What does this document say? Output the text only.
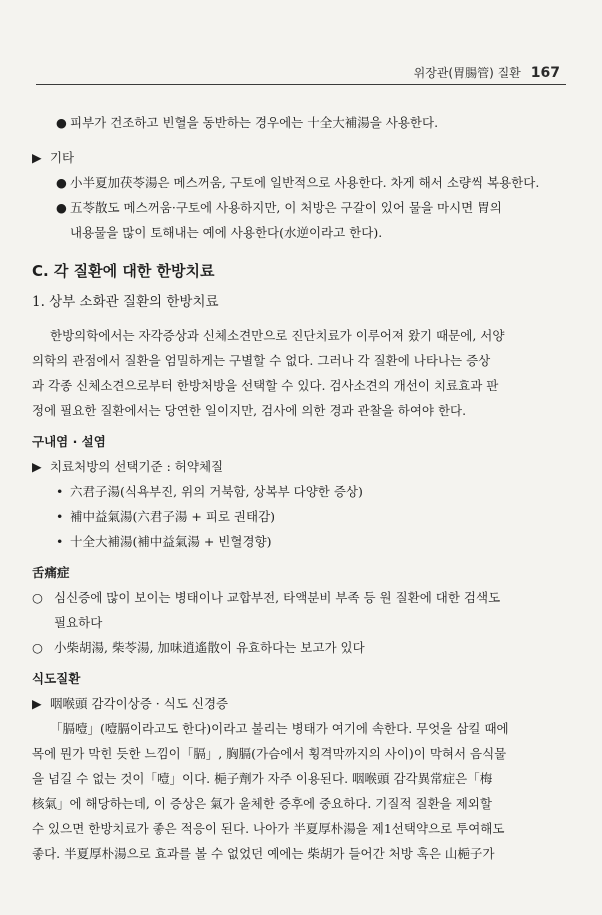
위장관(胃腸管) 질환 167
● 피부가 건조하고 빈혈을 동반하는 경우에는 十全大補湯을 사용한다.
▶ 기타
● 小半夏加茯苓湯은 메스꺼움, 구토에 일반적으로 사용한다. 차게 해서 소량씩 복용한다.
● 五苓散도 메스꺼움·구토에 사용하지만, 이 처방은 구갈이 있어 물을 마시면 胃의
내용물을 많이 토해내는 예에 사용한다(水逆이라고 한다).
C. 각 질환에 대한 한방치료
1. 상부 소화관 질환의 한방치료
한방의학에서는 자각증상과 신체소견만으로 진단치료가 이루어져 왔기 때문에, 서양
의학의 관점에서 질환을 엄밀하게는 구별할 수 없다. 그러나 각 질환에 나타나는 증상
과 각종 신체소견으로부터 한방처방을 선택할 수 있다. 검사소견의 개선이 치료효과 판
정에 필요한 질환에서는 당연한 일이지만, 검사에 의한 경과 관찰을 하여야 한다.
구내염 · 설염
▶ 치료처방의 선택기준 : 허약체질
• 六君子湯(식욕부진, 위의 거북함, 상복부 다양한 증상)
• 補中益氣湯(六君子湯 + 피로 권태감)
• 十全大補湯(補中益氣湯 + 빈혈경향)
舌痛症
○ 심신증에 많이 보이는 병태이나 교합부전, 타액분비 부족 등 원 질환에 대한 검색도
필요하다
○ 小柴胡湯, 柴苓湯, 加味逍遙散이 유효하다는 보고가 있다
식도질환
▶ 咽喉頭 감각이상증 · 식도 신경증
「膈噎」(噎膈이라고도 한다)이라고 불리는 병태가 여기에 속한다. 무엇을 삼킬 때에
목에 뭔가 막힌 듯한 느낌이「膈」, 胸膈(가슴에서 횡격막까지의 사이)이 막혀서 음식물
을 넘길 수 없는 것이「噎」이다. 梔子劑가 자주 이용된다. 咽喉頭 감각異常症은「梅
核氣」에 해당하는데, 이 증상은 氣가 울체한 증후에 중요하다. 기질적 질환을 제외할
수 있으면 한방치료가 좋은 적응이 된다. 나아가 半夏厚朴湯을 제1선택약으로 투여해도
좋다. 半夏厚朴湯으로 효과를 볼 수 없었던 예에는 柴胡가 들어간 처방 혹은 山梔子가
